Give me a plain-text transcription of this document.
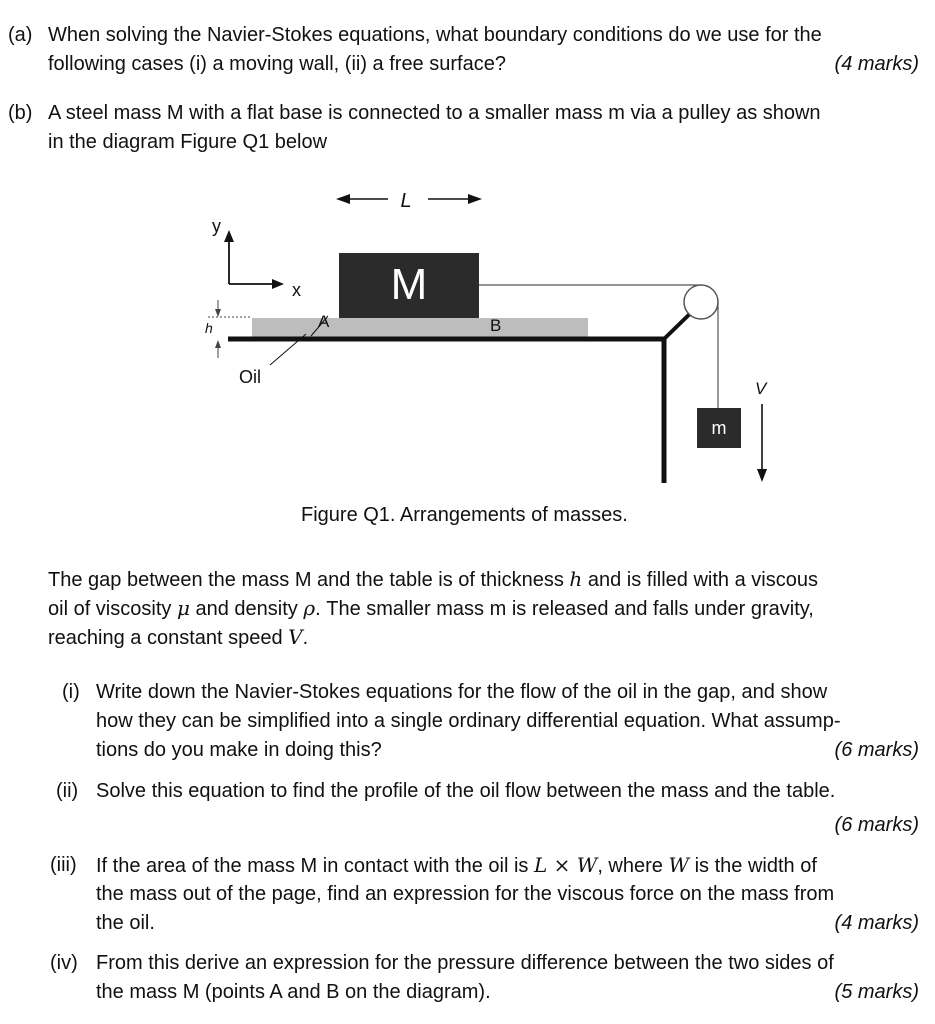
(a) When solving the Navier-Stokes equations, what boundary conditions do we use for the
following cases (i) a moving wall, (ii) a free surface?	(4 marks)
(b) A steel mass M with a flat base is connected to a smaller mass m via a pulley as shown
in the diagram Figure Q1 below
L
y
x M
h
Oil
A	B
m
V
Figure Q1. Arrangements of masses.
The gap between the mass M and the table is of thickness h and is filled with a viscous
oil of viscosity μ and density ρ. The smaller mass m is released and falls under gravity,
reaching a constant speed V.
(i) Write down the Navier-Stokes equations for the flow of the oil in the gap, and show
how they can be simplified into a single ordinary differential equation. What assump-
tions do you make in doing this?	(6 marks)
(ii) Solve this equation to find the profile of the oil flow between the mass and the table.
(6 marks)
(iii) If the area of the mass M in contact with the oil is L × W, where W is the width of
the mass out of the page, find an expression for the viscous force on the mass from
the oil.	(4 marks)
(iv) From this derive an expression for the pressure difference between the two sides of
the mass M (points A and B on the diagram).	(5 marks)
